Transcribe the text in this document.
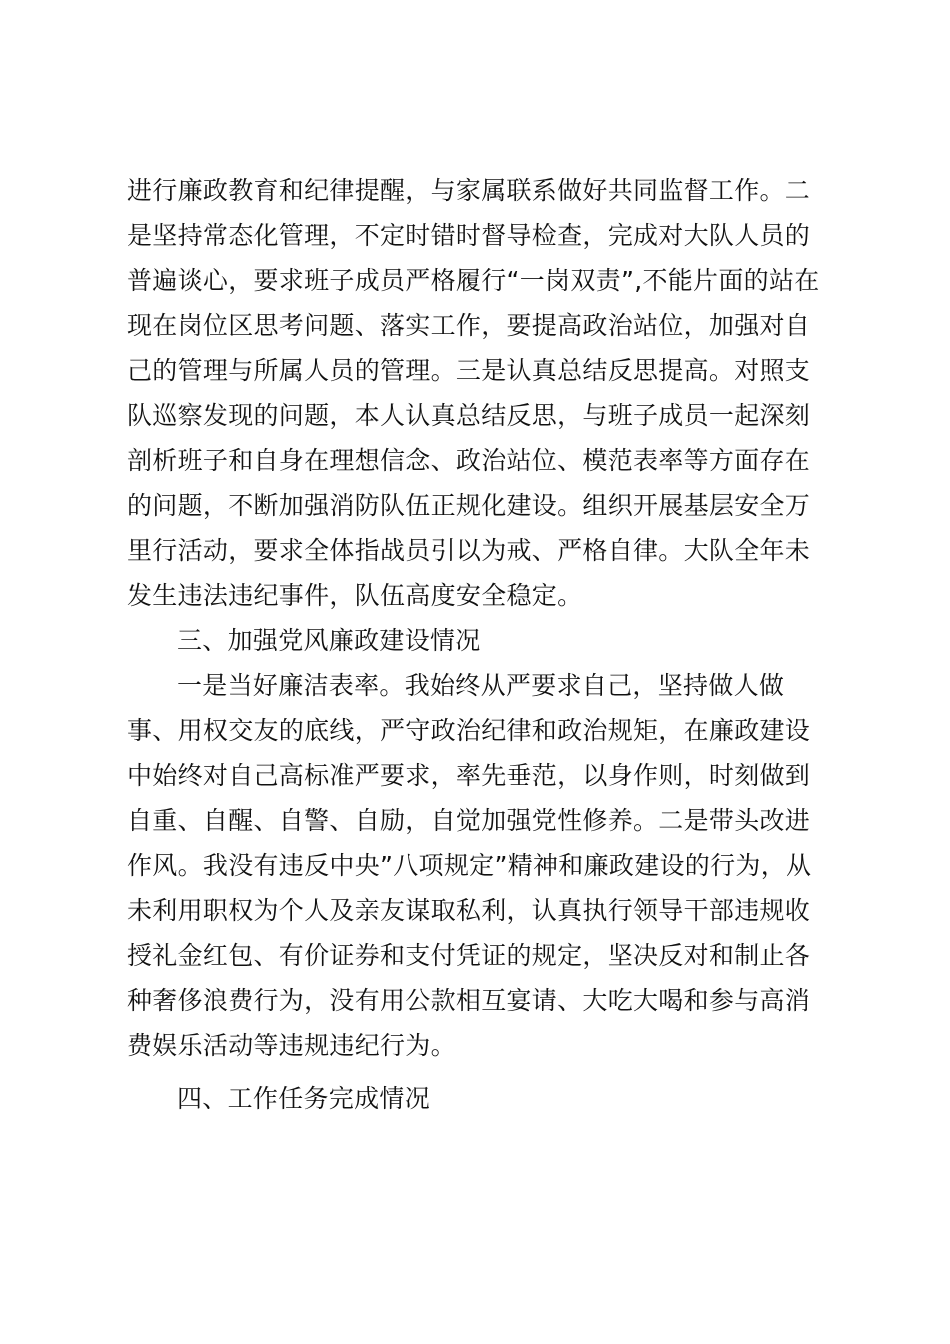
进行廉政教育和纪律提醒，与家属联系做好共同监督工作。二
是坚持常态化管理，不定时错时督导检查，完成对大队人员的
普遍谈心，要求班子成员严格履行“一岗双责”,不能片面的站在
现在岗位区思考问题、落实工作，要提高政治站位，加强对自
己的管理与所属人员的管理。三是认真总结反思提高。对照支
队巡察发现的问题，本人认真总结反思，与班子成员一起深刻
剖析班子和自身在理想信念、政治站位、模范表率等方面存在
的问题，不断加强消防队伍正规化建设。组织开展基层安全万
里行活动，要求全体指战员引以为戒、严格自律。大队全年未
发生违法违纪事件，队伍高度安全稳定。
三、加强党风廉政建设情况
一是当好廉洁表率。我始终从严要求自己，坚持做人做
事、用权交友的底线，严守政治纪律和政治规矩，在廉政建设
中始终对自己高标准严要求，率先垂范，以身作则，时刻做到
自重、自醒、自警、自励，自觉加强党性修养。二是带头改进
作风。我没有违反中央”八项规定”精神和廉政建设的行为，从
未利用职权为个人及亲友谋取私利，认真执行领导干部违规收
授礼金红包、有价证券和支付凭证的规定，坚决反对和制止各
种奢侈浪费行为，没有用公款相互宴请、大吃大喝和参与高消
费娱乐活动等违规违纪行为。
四、工作任务完成情况
